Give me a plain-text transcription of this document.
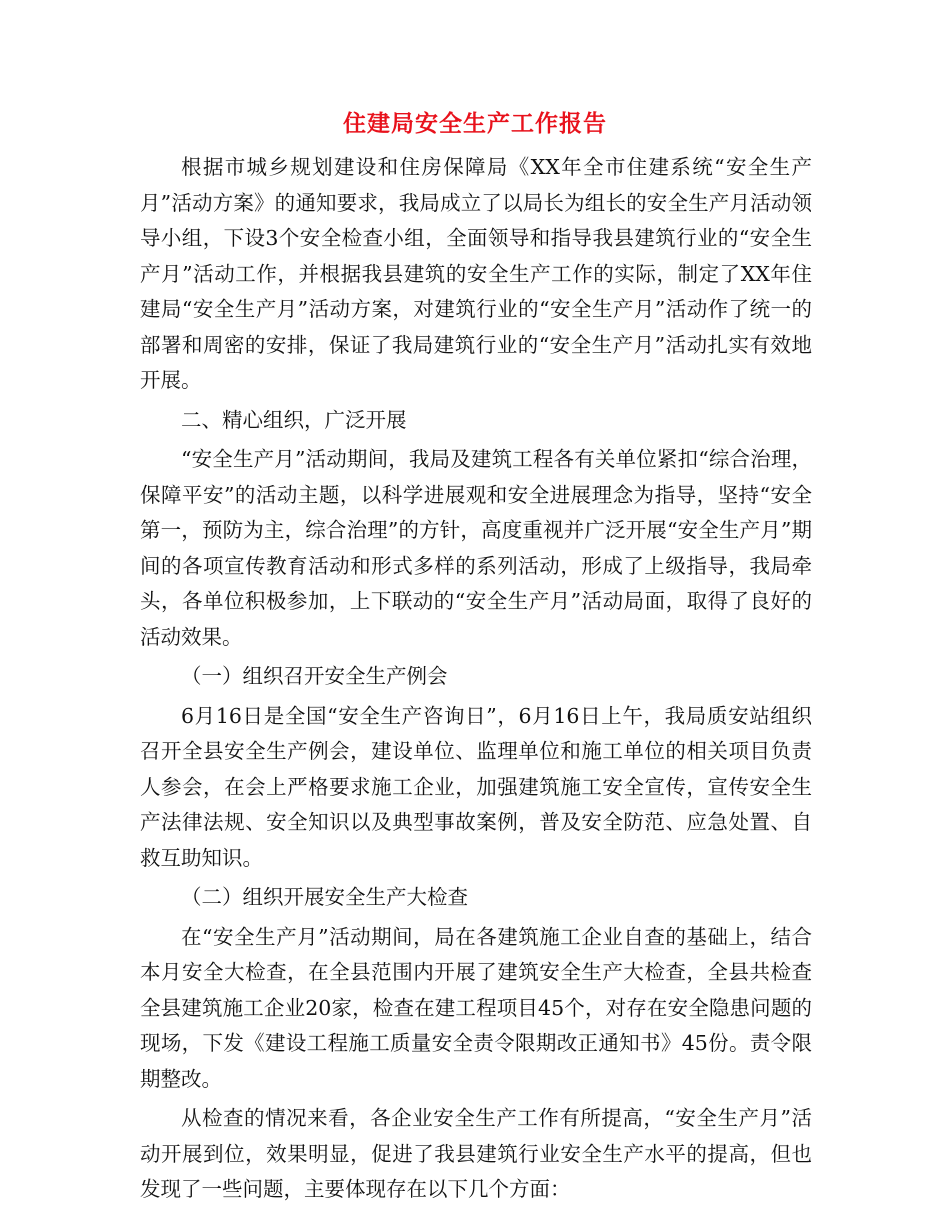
住建局安全生产工作报告

根据市城乡规划建设和住房保障局《XX年全市住建系统“安全生产月”活动方案》的通知要求，我局成立了以局长为组长的安全生产月活动领导小组，下设3个安全检查小组，全面领导和指导我县建筑行业的“安全生产月”活动工作，并根据我县建筑的安全生产工作的实际，制定了XX年住建局“安全生产月”活动方案，对建筑行业的“安全生产月”活动作了统一的部署和周密的安排，保证了我局建筑行业的“安全生产月”活动扎实有效地开展。

二、精心组织，广泛开展

“安全生产月”活动期间，我局及建筑工程各有关单位紧扣“综合治理，保障平安”的活动主题，以科学进展观和安全进展理念为指导，坚持“安全第一，预防为主，综合治理”的方针，高度重视并广泛开展“安全生产月”期间的各项宣传教育活动和形式多样的系列活动，形成了上级指导，我局牵头，各单位积极参加，上下联动的“安全生产月”活动局面，取得了良好的活动效果。

（一）组织召开安全生产例会

6月16日是全国“安全生产咨询日”，6月16日上午，我局质安站组织召开全县安全生产例会，建设单位、监理单位和施工单位的相关项目负责人参会，在会上严格要求施工企业，加强建筑施工安全宣传，宣传安全生产法律法规、安全知识以及典型事故案例，普及安全防范、应急处置、自救互助知识。

（二）组织开展安全生产大检查

在“安全生产月”活动期间，局在各建筑施工企业自查的基础上，结合本月安全大检查，在全县范围内开展了建筑安全生产大检查，全县共检查全县建筑施工企业20家，检查在建工程项目45个，对存在安全隐患问题的现场，下发《建设工程施工质量安全责令限期改正通知书》45份。责令限期整改。

从检查的情况来看，各企业安全生产工作有所提高，“安全生产月”活动开展到位，效果明显，促进了我县建筑行业安全生产水平的提高，但也发现了一些问题，主要体现存在以下几个方面：
